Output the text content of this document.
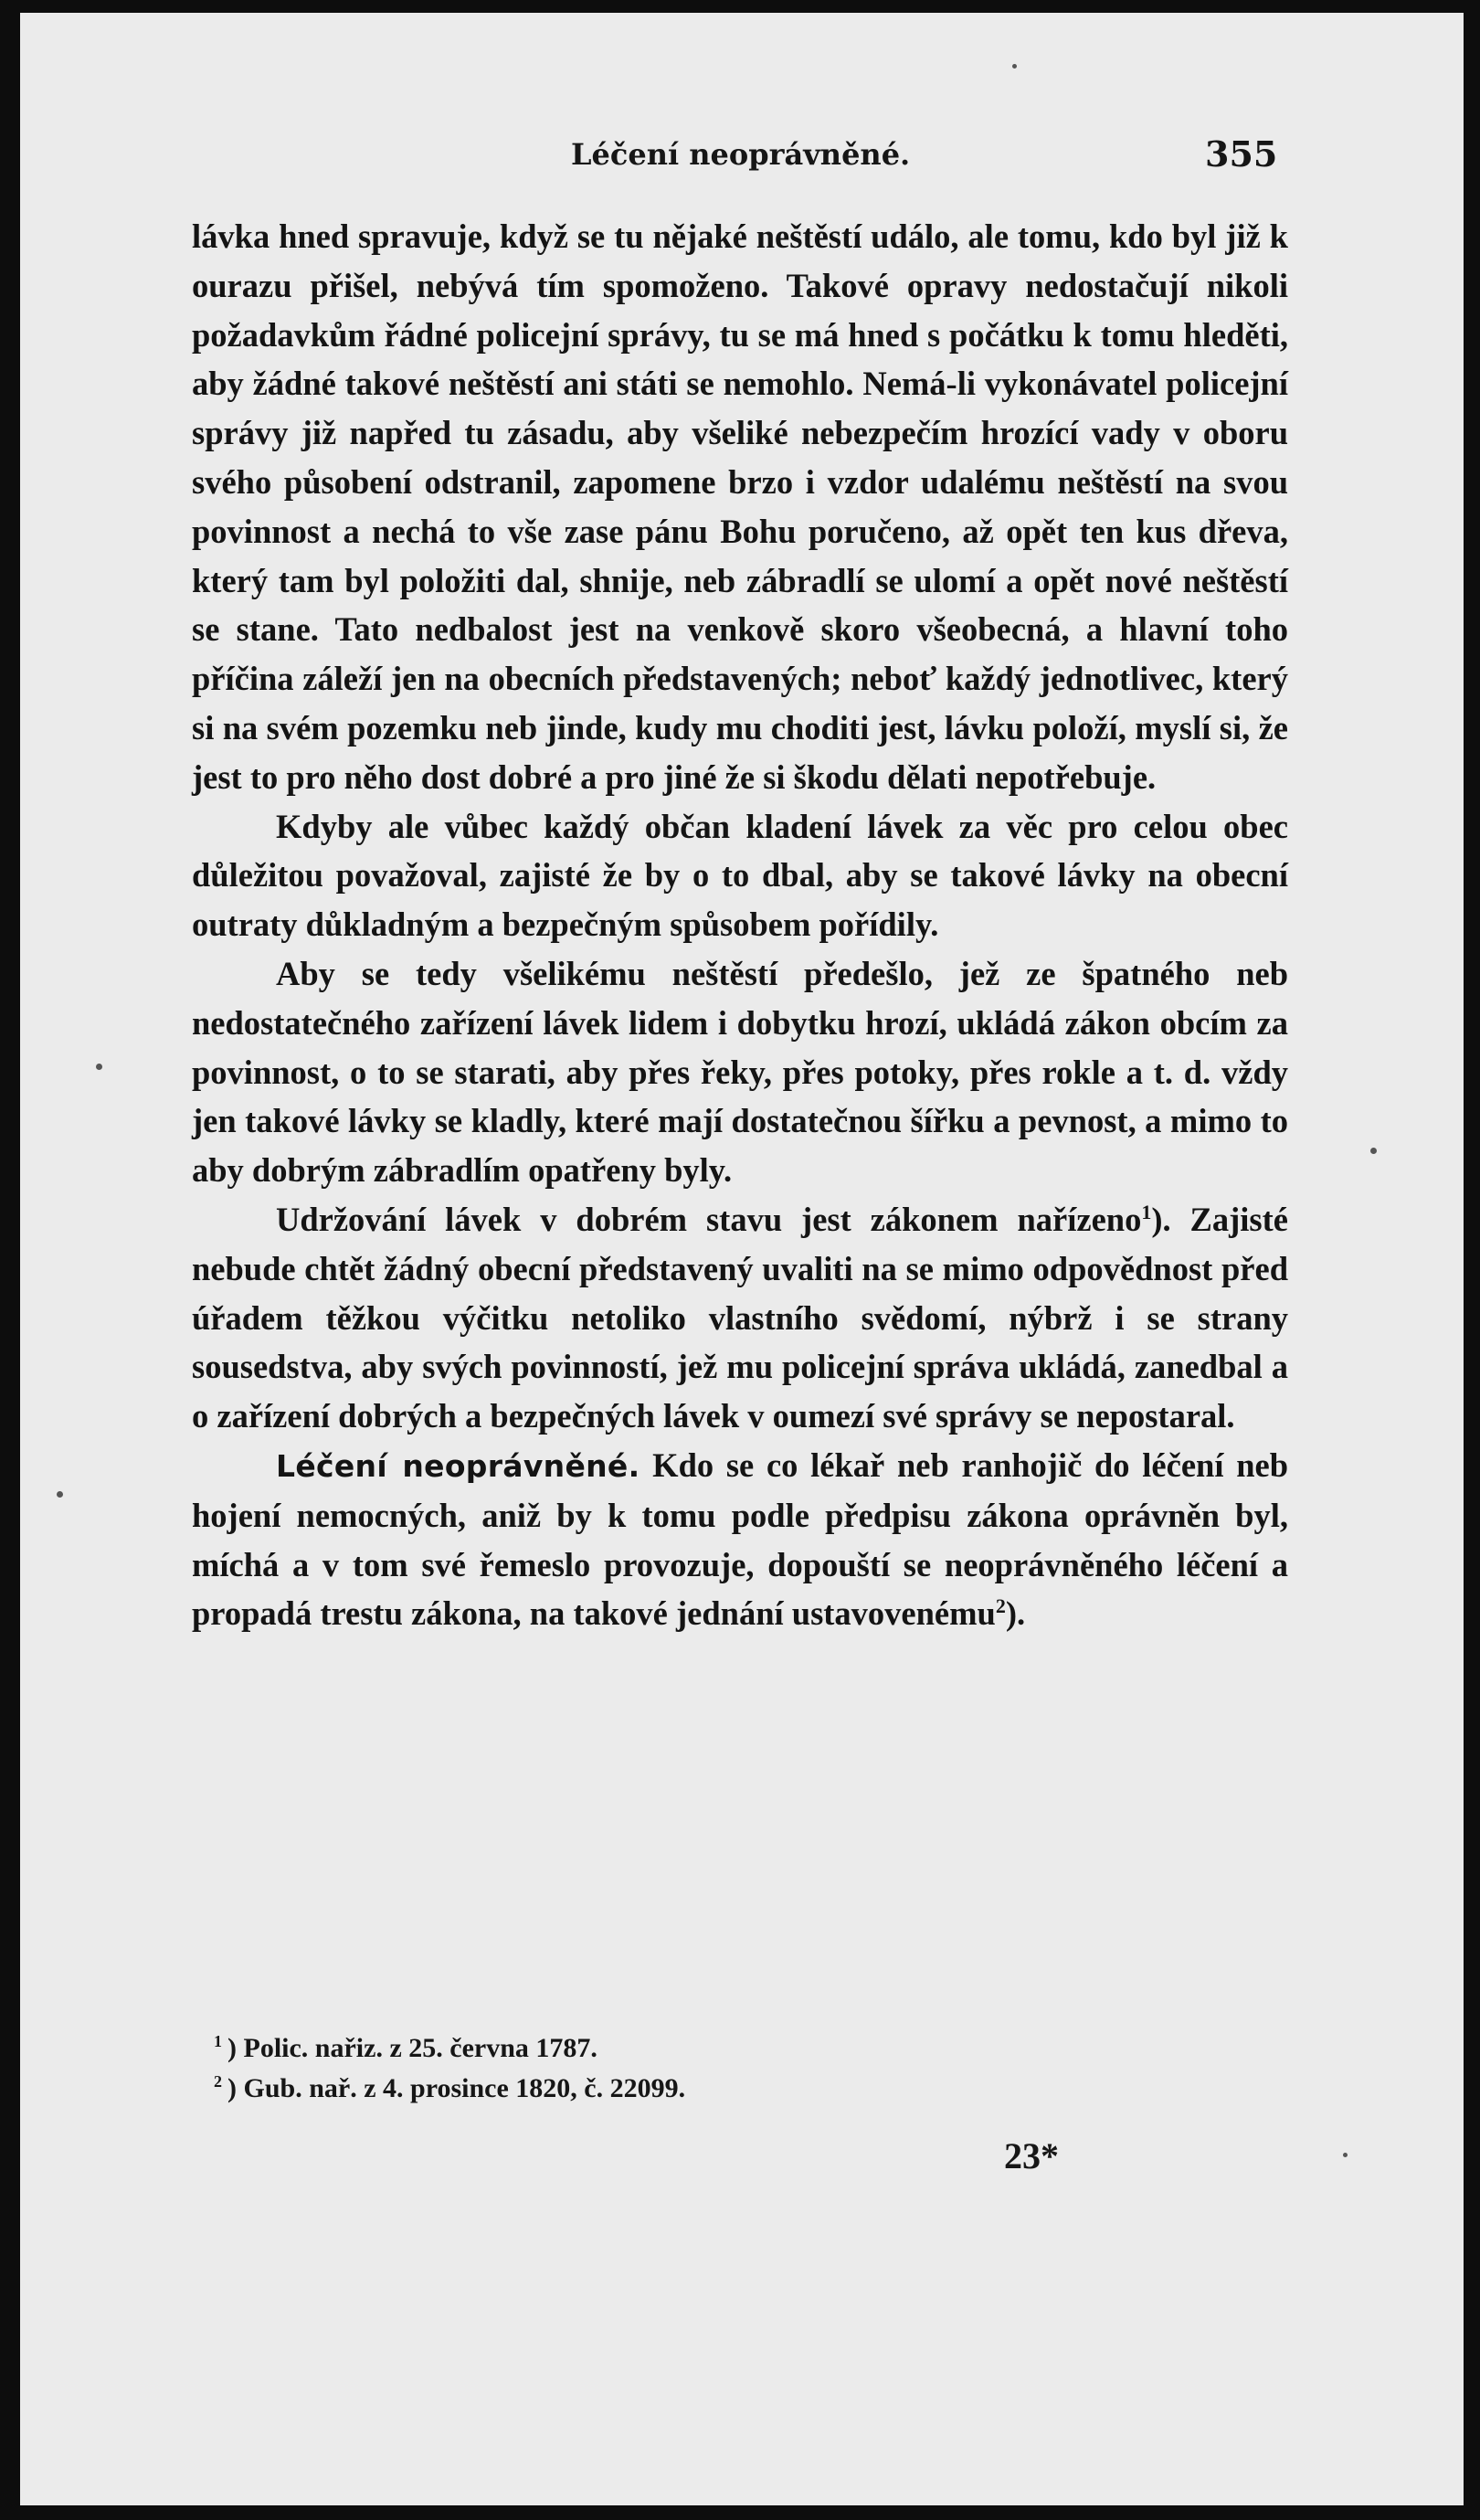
Léčení neoprávněné.	355

lávka hned spravuje, když se tu nějaké neštěstí událo, ale tomu, kdo byl již k ourazu přišel, nebývá tím spomoženo. Takové opravy nedostačují nikoli požadavkům řádné policejní správy, tu se má hned s počátku k tomu hleděti, aby žádné takové neštěstí ani státi se nemohlo. Nemá-li vykonávatel policejní správy již napřed tu zásadu, aby všeliké nebezpečím hrozící vady v oboru svého působení odstranil, zapomene brzo i vzdor udalému neštěstí na svou povinnost a nechá to vše zase pánu Bohu poručeno, až opět ten kus dřeva, který tam byl položiti dal, shnije, neb zábradlí se ulomí a opět nové neštěstí se stane. Tato nedbalost jest na venkově skoro všeobecná, a hlavní toho příčina záleží jen na obecních představených; neboť každý jednotlivec, který si na svém pozemku neb jinde, kudy mu choditi jest, lávku položí, myslí si, že jest to pro něho dost dobré a pro jiné že si škodu dělati nepotřebuje.

Kdyby ale vůbec každý občan kladení lávek za věc pro celou obec důležitou považoval, zajisté že by o to dbal, aby se takové lávky na obecní outraty důkladným a bezpečným spůsobem pořídily.

Aby se tedy všelikému neštěstí předešlo, jež ze špatného neb nedostatečného zařízení lávek lidem i dobytku hrozí, ukládá zákon obcím za povinnost, o to se starati, aby přes řeky, přes potoky, přes rokle a t. d. vždy jen takové lávky se kladly, které mají dostatečnou šířku a pevnost, a mimo to aby dobrým zábradlím opatřeny byly.

Udržování lávek v dobrém stavu jest zákonem nařízeno$^1$). Zajisté nebude chtět žádný obecní představený uvaliti na se mimo odpovědnost před úřadem těžkou výčitku netoliko vlastního svědomí, nýbrž i se strany sousedstva, aby svých povinností, jež mu policejní správa ukládá, zanedbal a o zařízení dobrých a bezpečných lávek v oumezí své správy se nepostaral.

Léčení neoprávněné. Kdo se co lékař neb ranhojič do léčení neb hojení nemocných, aniž by k tomu podle předpisu zákona oprávněn byl, míchá a v tom své řemeslo provozuje, dopouští se neoprávněného léčení a propadá trestu zákona, na takové jednání ustavovenému$^2$).

$^1$ ) Polic. nařiz. z 25. června 1787.
$^2$ ) Gub. nař. z 4. prosince 1820, č. 22099.
23*
